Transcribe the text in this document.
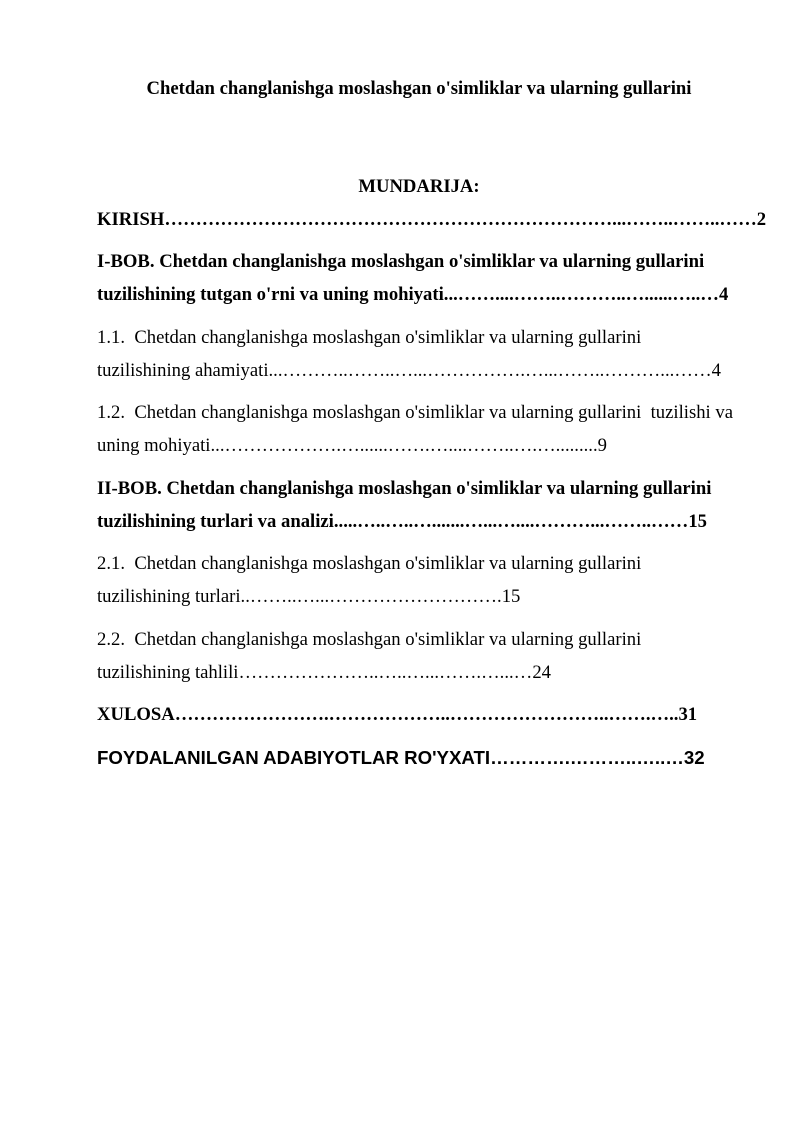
Chetdan changlanishga moslashgan o'simliklar va ularning gullarini
MUNDARIJA:
KIRISH………………………………………………………………...……..……..……2
I-BOB. Chetdan changlanishga moslashgan o'simliklar va ularning gullarini
tuzilishining tutgan o'rni va uning mohiyati...……....……..………..…......…..…4
1.1.  Chetdan changlanishga moslashgan o'simliklar va ularning gullarini
tuzilishining ahamiyati...………..……..…...…………….…...……..………...……4
1.2.  Chetdan changlanishga moslashgan o'simliklar va ularning gullarini  tuzilishi va
uning mohiyati...……………….…......…….…....……..….….........9
II-BOB. Chetdan changlanishga moslashgan o'simliklar va ularning gullarini
tuzilishining turlari va analizi.....…..…..….......…...…....………...……..……15
2.1.  Chetdan changlanishga moslashgan o'simliklar va ularning gullarini
tuzilishining turlari..……..…...……………………….15
2.2.  Chetdan changlanishga moslashgan o'simliklar va ularning gullarini
tuzilishining tahlili…………………..…..…...…….…...…24
XULOSA…………………….………………..……………………..…….…..31
FOYDALANILGAN ADABIYOTLAR RO'YXATI………….………..…..…32
